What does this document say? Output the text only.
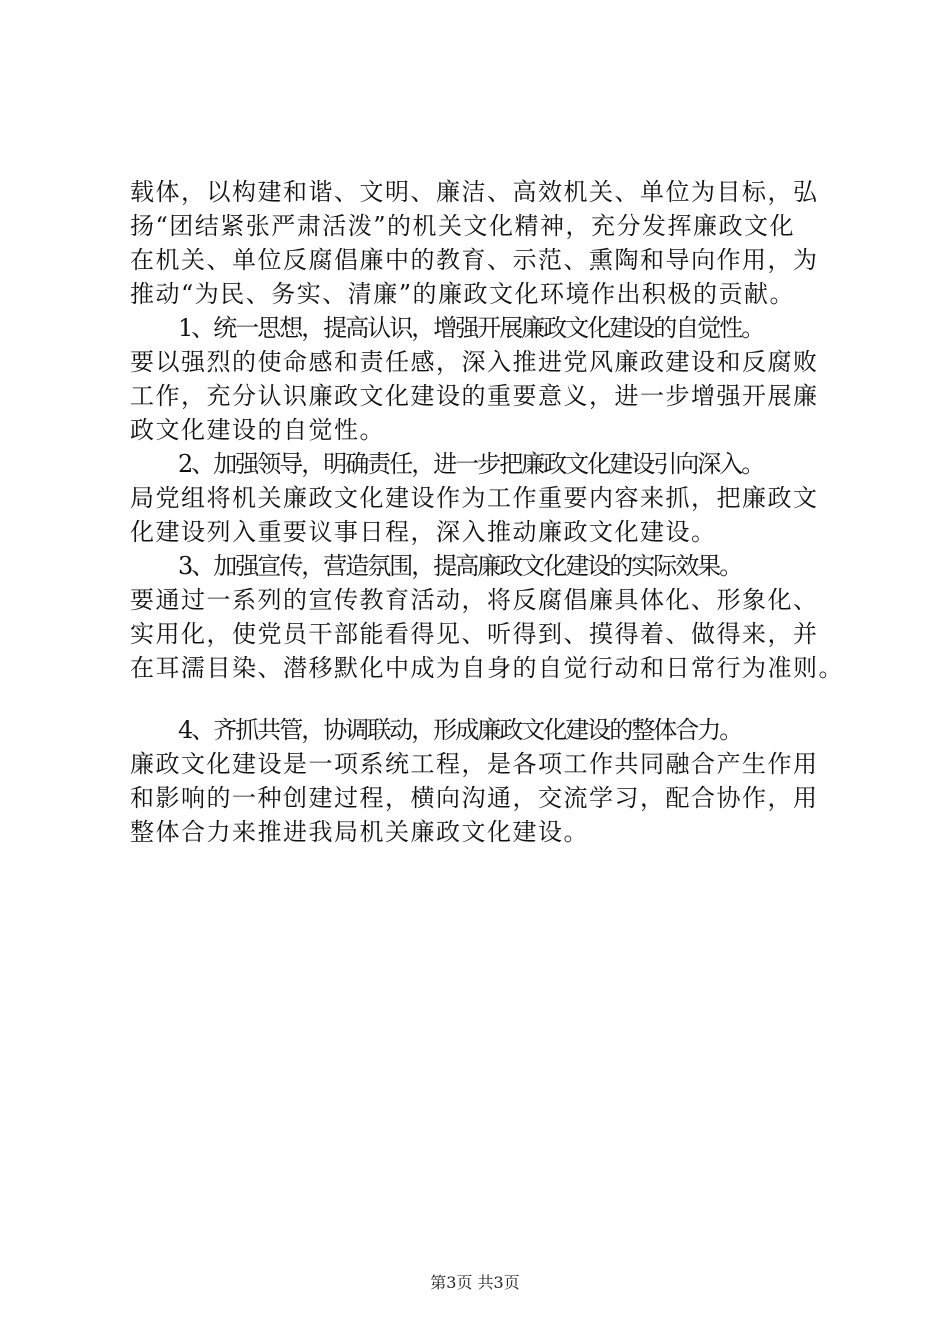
载体，以构建和谐、文明、廉洁、高效机关、单位为目标，弘
扬“团结紧张严肃活泼”的机关文化精神，充分发挥廉政文化
在机关、单位反腐倡廉中的教育、示范、熏陶和导向作用，为
推动“为民、务实、清廉”的廉政文化环境作出积极的贡献。
1、统一思想，提高认识，增强开展廉政文化建设的自觉性。
要以强烈的使命感和责任感，深入推进党风廉政建设和反腐败
工作，充分认识廉政文化建设的重要意义，进一步增强开展廉
政文化建设的自觉性。
2、加强领导，明确责任，进一步把廉政文化建设引向深入。
局党组将机关廉政文化建设作为工作重要内容来抓，把廉政文
化建设列入重要议事日程，深入推动廉政文化建设。
3、加强宣传，营造氛围，提高廉政文化建设的实际效果。
要通过一系列的宣传教育活动，将反腐倡廉具体化、形象化、
实用化，使党员干部能看得见、听得到、摸得着、做得来，并
在耳濡目染、潜移默化中成为自身的自觉行动和日常行为准则。
4、齐抓共管，协调联动，形成廉政文化建设的整体合力。
廉政文化建设是一项系统工程，是各项工作共同融合产生作用
和影响的一种创建过程，横向沟通，交流学习，配合协作，用
整体合力来推进我局机关廉政文化建设。
第3页 共3页
